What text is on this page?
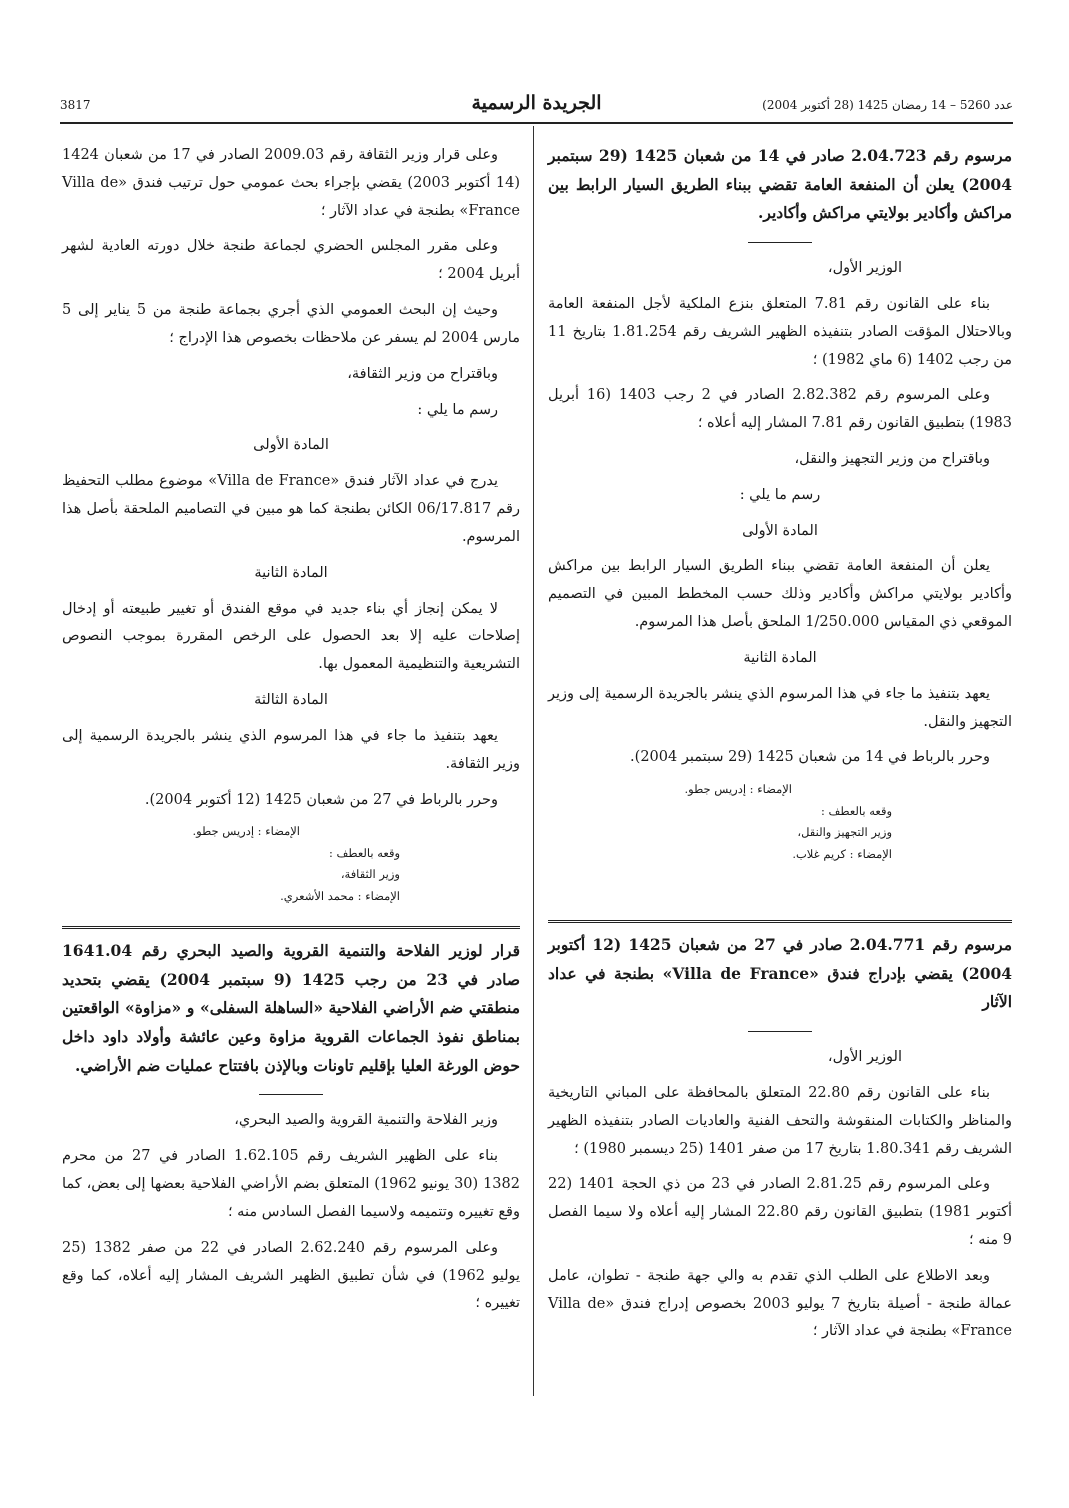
عدد 5260 – 14 رمضان 1425 (28 أكتوبر 2004)
الجريدة الرسمية
3817
مرسوم رقم 2.04.723 صادر في 14 من شعبان 1425 (29 سبتمبر 2004) يعلن أن المنفعة العامة تقضي ببناء الطريق السيار الرابط بين مراكش وأكادير بولايتي مراكش وأكادير.

الوزير الأول،

بناء على القانون رقم 7.81 المتعلق بنزع الملكية لأجل المنفعة العامة وبالاحتلال المؤقت الصادر بتنفيذه الظهير الشريف رقم 1.81.254 بتاريخ 11 من رجب 1402 (6 ماي 1982) ؛

وعلى المرسوم رقم 2.82.382 الصادر في 2 رجب 1403 (16 أبريل 1983) بتطبيق القانون رقم 7.81 المشار إليه أعلاه ؛

وباقتراح من وزير التجهيز والنقل،

رسم ما يلي :

المادة الأولى

يعلن أن المنفعة العامة تقضي ببناء الطريق السيار الرابط بين مراكش وأكادير بولايتي مراكش وأكادير وذلك حسب المخطط المبين في التصميم الموقعي ذي المقياس 1/250.000 الملحق بأصل هذا المرسوم.

المادة الثانية

يعهد بتنفيذ ما جاء في هذا المرسوم الذي ينشر بالجريدة الرسمية إلى وزير التجهيز والنقل.

وحرر بالرباط في 14 من شعبان 1425 (29 سبتمبر 2004).

الإمضاء : إدريس جطو.

وقعه بالعطف :

وزير التجهيز والنقل،

الإمضاء : كريم غلاب.

مرسوم رقم 2.04.771 صادر في 27 من شعبان 1425 (12 أكتوبر 2004) يقضي بإدراج فندق «Villa de France» بطنجة في عداد الآثار

الوزير الأول،

بناء على القانون رقم 22.80 المتعلق بالمحافظة على المباني التاريخية والمناظر والكتابات المنقوشة والتحف الفنية والعاديات الصادر بتنفيذه الظهير الشريف رقم 1.80.341 بتاريخ 17 من صفر 1401 (25 ديسمبر 1980) ؛

وعلى المرسوم رقم 2.81.25 الصادر في 23 من ذي الحجة 1401 (22 أكتوبر 1981) بتطبيق القانون رقم 22.80 المشار إليه أعلاه ولا سيما الفصل 9 منه ؛

وبعد الاطلاع على الطلب الذي تقدم به والي جهة طنجة - تطوان، عامل عمالة طنجة - أصيلة بتاريخ 7 يوليو 2003 بخصوص إدراج فندق «Villa de France» بطنجة في عداد الآثار ؛

وعلى قرار وزير الثقافة رقم 2009.03 الصادر في 17 من شعبان 1424 (14 أكتوبر 2003) يقضي بإجراء بحث عمومي حول ترتيب فندق «Villa de France» بطنجة في عداد الآثار ؛

وعلى مقرر المجلس الحضري لجماعة طنجة خلال دورته العادية لشهر أبريل 2004 ؛

وحيث إن البحث العمومي الذي أجري بجماعة طنجة من 5 يناير إلى 5 مارس 2004 لم يسفر عن ملاحظات بخصوص هذا الإدراج ؛

وباقتراح من وزير الثقافة،

رسم ما يلي :

المادة الأولى

يدرج في عداد الآثار فندق «Villa de France» موضوع مطلب التحفيظ رقم 06/17.817 الكائن بطنجة كما هو مبين في التصاميم الملحقة بأصل هذا المرسوم.

المادة الثانية

لا يمكن إنجاز أي بناء جديد في موقع الفندق أو تغيير طبيعته أو إدخال إصلاحات عليه إلا بعد الحصول على الرخص المقررة بموجب النصوص التشريعية والتنظيمية المعمول بها.

المادة الثالثة

يعهد بتنفيذ ما جاء في هذا المرسوم الذي ينشر بالجريدة الرسمية إلى وزير الثقافة.

وحرر بالرباط في 27 من شعبان 1425 (12 أكتوبر 2004).

الإمضاء : إدريس جطو.

وقعه بالعطف :

وزير الثقافة،

الإمضاء : محمد الأشعري.

قرار لوزير الفلاحة والتنمية القروية والصيد البحري رقم 1641.04 صادر في 23 من رجب 1425 (9 سبتمبر 2004) يقضي بتحديد منطقتي ضم الأراضي الفلاحية «الساهلة السفلى» و «مزاوة» الواقعتين بمناطق نفوذ الجماعات القروية مزاوة وعين عائشة وأولاد داود داخل حوض الورغة العليا بإقليم تاونات وبالإذن بافتتاح عمليات ضم الأراضي.

وزير الفلاحة والتنمية القروية والصيد البحري،

بناء على الظهير الشريف رقم 1.62.105 الصادر في 27 من محرم 1382 (30 يونيو 1962) المتعلق بضم الأراضي الفلاحية بعضها إلى بعض، كما وقع تغييره وتتميمه ولاسيما الفصل السادس منه ؛

وعلى المرسوم رقم 2.62.240 الصادر في 22 من صفر 1382 (25 يوليو 1962) في شأن تطبيق الظهير الشريف المشار إليه أعلاه، كما وقع تغييره ؛
